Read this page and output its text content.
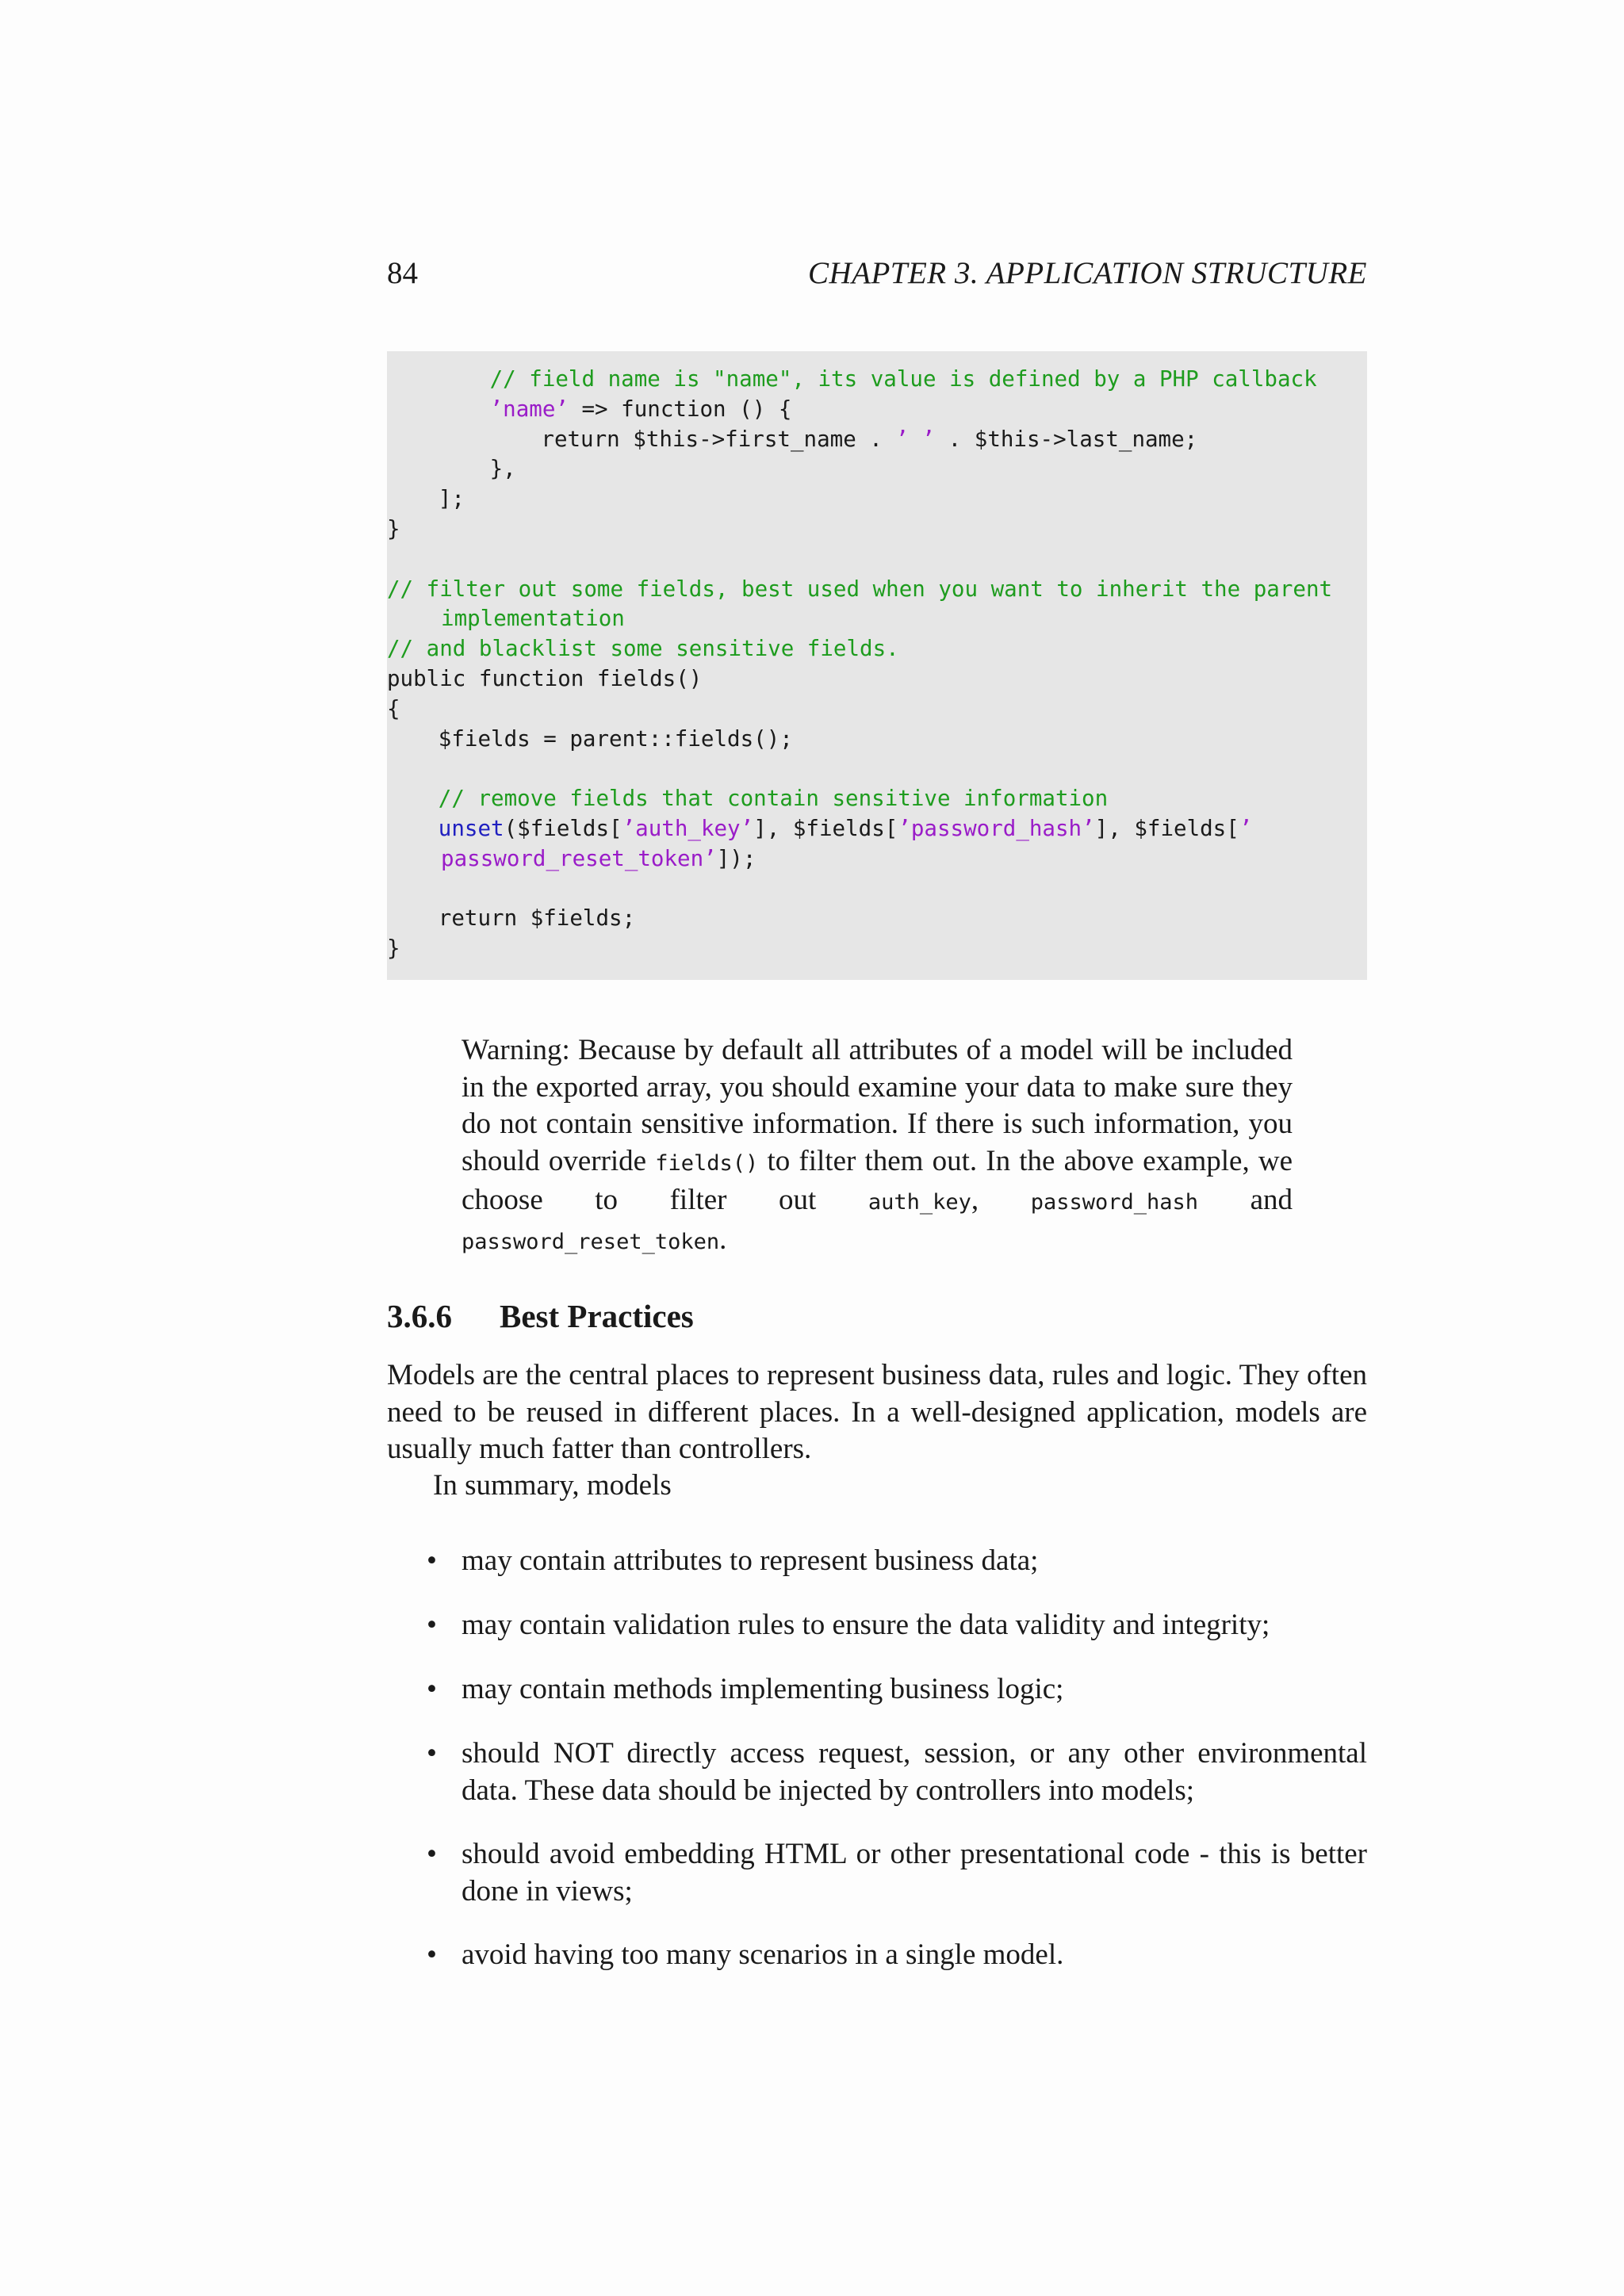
84	CHAPTER 3. APPLICATION STRUCTURE
// field name is "name", its value is defined by a PHP callback
’name’ => function () {
return $this->first_name . ’ ’ . $this->last_name;
},
];
}
// filter out some fields, best used when you want to inherit the parent
implementation
// and blacklist some sensitive fields.
public function fields()
{
$fields = parent::fields();
// remove fields that contain sensitive information
unset($fields[’auth_key’], $fields[’password_hash’], $fields[’
password_reset_token’]);
return $fields;
}
Warning: Because by default all attributes of a model will be included in the exported array, you should examine your data to make sure they do not contain sensitive information. If there is such information, you should override fields() to filter them out. In the above example, we choose to filter out auth_key, password_hash and password_reset_token.
3.6.6 Best Practices
Models are the central places to represent business data, rules and logic. They often need to be reused in different places. In a well-designed application, models are usually much fatter than controllers.
In summary, models
• may contain attributes to represent business data;
• may contain validation rules to ensure the data validity and integrity;
• may contain methods implementing business logic;
• should NOT directly access request, session, or any other environmental data. These data should be injected by controllers into models;
• should avoid embedding HTML or other presentational code - this is better done in views;
• avoid having too many scenarios in a single model.
